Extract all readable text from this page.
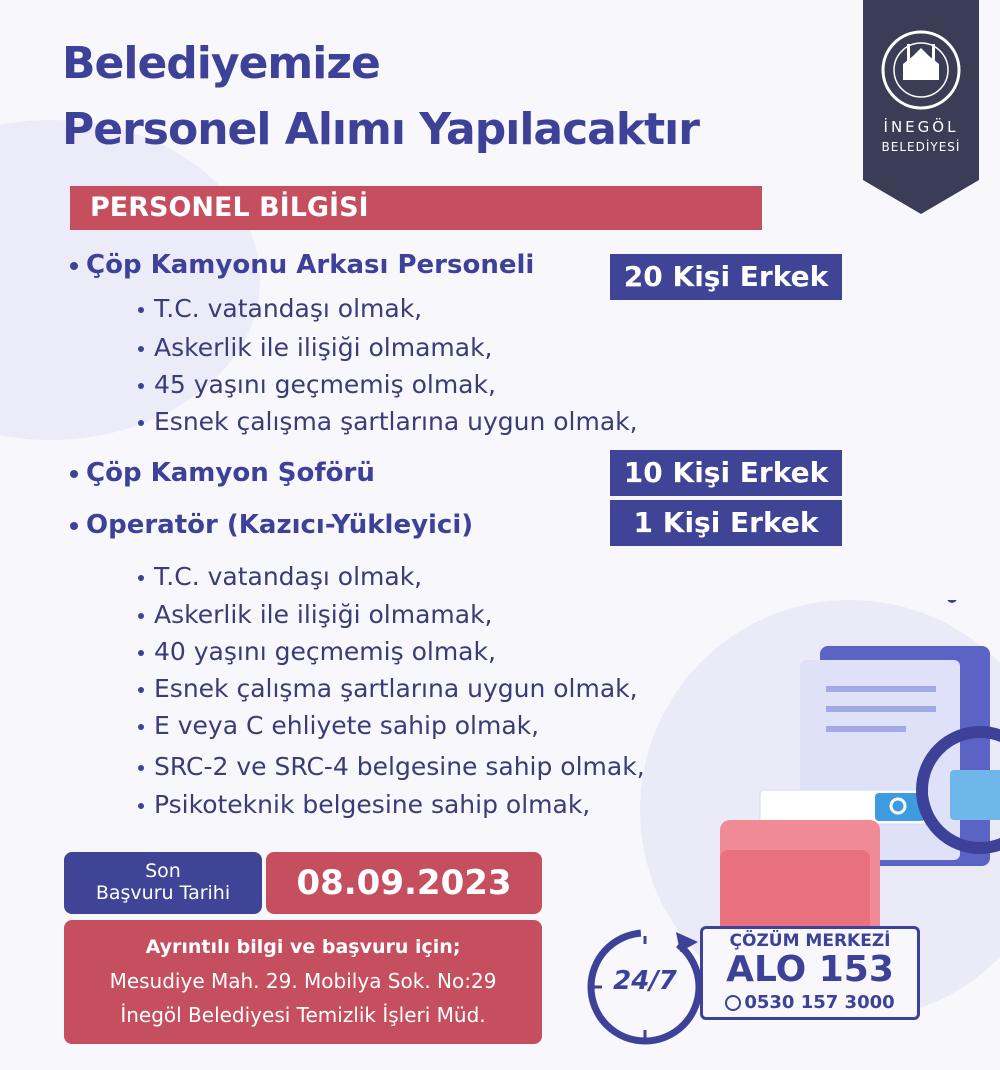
Belediyemize
Personel Alımı Yapılacaktır	İNEGÖL
BELEDİYESİ
PERSONEL BİLGİSİ
Çöp Kamyonu Arkası Personeli	20 Kişi Erkek
T.C. vatandaşı olmak,
Askerlik ile ilişiği olmamak,
45 yaşını geçmemiş olmak,
Esnek çalışma şartlarına uygun olmak,
Çöp Kamyon Şoförü	10 Kişi Erkek
Operatör (Kazıcı-Yükleyici)	1 Kişi Erkek
T.C. vatandaşı olmak,
Askerlik ile ilişiği olmamak,
40 yaşını geçmemiş olmak,
Esnek çalışma şartlarına uygun olmak,
E veya C ehliyete sahip olmak,
SRC-2 ve SRC-4 belgesine sahip olmak,
Psikoteknik belgesine sahip olmak,
Son
Başvuru Tarihi	08.09.2023
Ayrıntılı bilgi ve başvuru için;
Mesudiye Mah. 29. Mobilya Sok. No:29
İnegöl Belediyesi Temizlik İşleri Müd.
24/7
ÇÖZÜM MERKEZİ
ALO 153
0530 157 3000
